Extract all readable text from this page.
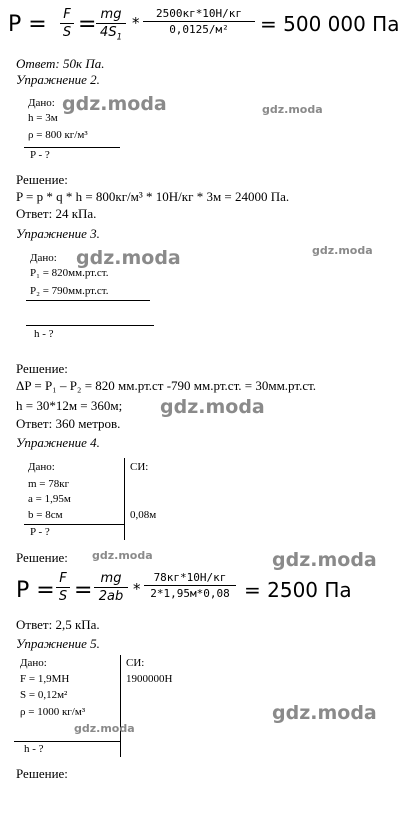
P = F
S = mg
$4S_1$
*
2500кг*10Н/кг
0,0125/м²	= 500 000 Па
Ответ: 50к Па.
Упражнение 2.
Дано: gdz.moda	gdz.moda
h = 3м
ρ = 800 кг/м³
P - ?
Решение:
P = p * q * h = 800кг/м³ * 10Н/кг * 3м = 24000 Па.
Ответ: 24 кПа.
Упражнение 3.
Дано: gdz.moda	gdz.moda
P₁ = 820мм.рт.ст.
P₂ = 790мм.рт.ст.
h - ?
Решение:
ΔP = P₁ – P₂ = 820 мм.рт.ст -790 мм.рт.ст. = 30мм.рт.ст.
h = 30*12м = 360м; gdz.moda
Ответ: 360 метров.
Упражнение 4.
Дано:	СИ:
m = 78кг
a = 1,95м
b = 8см	0,08м
P - ?
Решение: gdz.moda	gdz.moda
P = F
S = mg
2ab *
78кг*10Н/кг
2*1,95м*0,08 = 2500 Па
Ответ: 2,5 кПа.
Упражнение 5.
Дано:	СИ:
F = 1,9МН	1900000Н
S = 0,12м²
ρ = 1000 кг/м³	gdz.moda
gdz.moda
h - ?
Решение:
